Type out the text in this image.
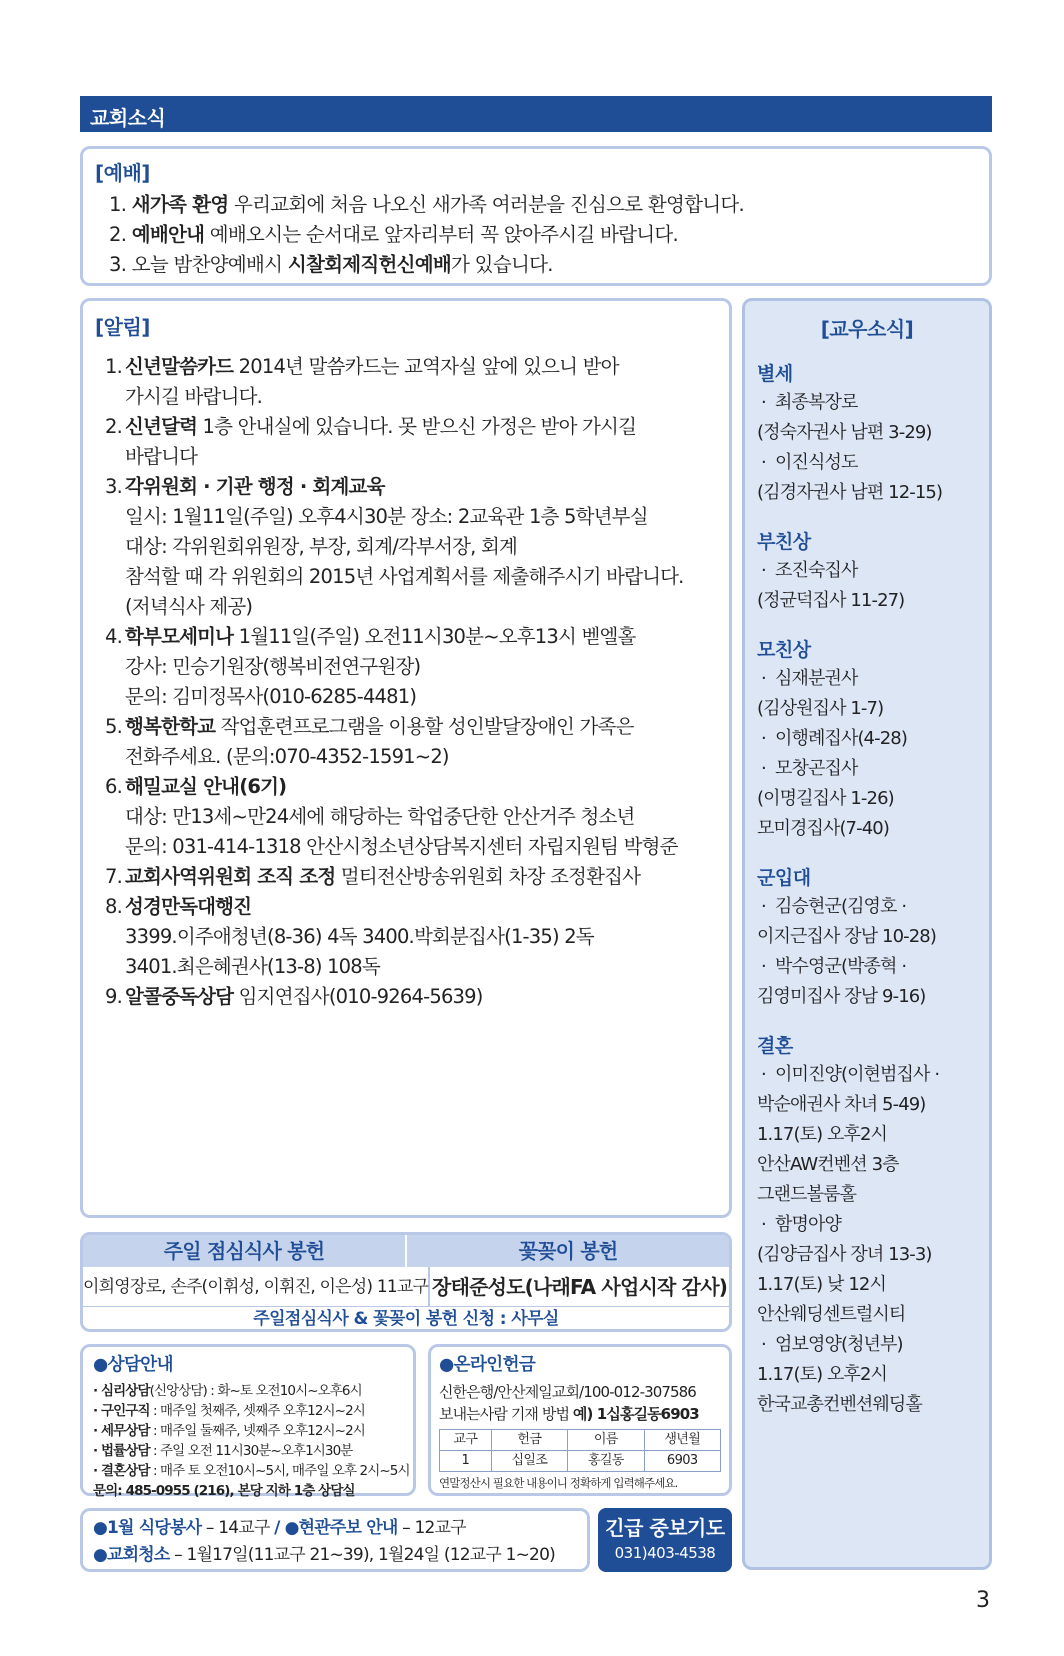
교회소식
[예배]
1. 새가족 환영 우리교회에 처음 나오신 새가족 여러분을 진심으로 환영합니다.
2. 예배안내 예배오시는 순서대로 앞자리부터 꼭 앉아주시길 바랍니다.
3. 오늘 밤찬양예배시 시찰회제직헌신예배가 있습니다.
[알림]
1. 신년말씀카드 2014년 말씀카드는 교역자실 앞에 있으니 받아
가시길 바랍니다.
2. 신년달력 1층 안내실에 있습니다. 못 받으신 가정은 받아 가시길
바랍니다
3. 각위원회 · 기관 행정 · 회계교육
일시: 1월11일(주일) 오후4시30분 장소: 2교육관 1층 5학년부실
대상: 각위원회위원장, 부장, 회계/각부서장, 회계
참석할 때 각 위원회의 2015년 사업계획서를 제출해주시기 바랍니다.
(저녁식사 제공)
4. 학부모세미나 1월11일(주일) 오전11시30분~오후13시 벧엘홀
강사: 민승기원장(행복비전연구원장)
문의: 김미정목사(010-6285-4481)
5. 행복한학교 작업훈련프로그램을 이용할 성인발달장애인 가족은
전화주세요. (문의:070-4352-1591~2)
6. 해밀교실 안내(6기)
대상: 만13세~만24세에 해당하는 학업중단한 안산거주 청소년
문의: 031-414-1318 안산시청소년상담복지센터 자립지원팀 박형준
7. 교회사역위원회 조직 조정 멀티전산방송위원회 차장 조정환집사
8. 성경만독대행진
3399.이주애청년(8-36) 4독 3400.박회분집사(1-35) 2독
3401.최은혜권사(13-8) 108독
9. 알콜중독상담 임지연집사(010-9264-5639)
[교우소식]
별세
· 최종복장로
(정숙자권사 남편 3-29)
· 이진식성도
(김경자권사 남편 12-15)
부친상
· 조진숙집사
(정균덕집사 11-27)
모친상
· 심재분권사
(김상원집사 1-7)
· 이행례집사(4-28)
· 모창곤집사
(이명길집사 1-26)
모미경집사(7-40)
군입대
· 김승현군(김영호 ·
이지근집사 장남 10-28)
· 박수영군(박종혁 ·
김영미집사 장남 9-16)
결혼
· 이미진양(이현범집사 ·
박순애권사 차녀 5-49)
1.17(토) 오후2시
안산AW컨벤션 3층
그랜드볼룸홀
· 함명아양
(김양금집사 장녀 13-3)
1.17(토) 낮 12시
안산웨딩센트럴시티
· 엄보영양(청년부)
1.17(토) 오후2시
한국교총컨벤션웨딩홀
주일 점심식사 봉헌	꽃꽂이 봉헌
이희영장로, 손주(이휘성, 이휘진, 이은성) 11교구 장태준성도(나래FA 사업시작 감사)
주일점심식사 & 꽃꽂이 봉헌 신청 : 사무실
●상담안내
· 심리상담(신앙상담) : 화~토 오전10시~오후6시
· 구인구직 : 매주일 첫째주, 셋째주 오후12시~2시
· 세무상담 : 매주일 둘째주, 넷째주 오후12시~2시
· 법률상담 : 주일 오전 11시30분~오후1시30분
· 결혼상담 : 매주 토 오전10시~5시, 매주일 오후 2시~5시
문의: 485-0955 (216), 본당 지하 1층 상담실
●온라인헌금
신한은행/안산제일교회/100-012-307586
보내는사람 기재 방법 예) 1십홍길동6903
교구	헌금	이름	생년월
1	십일조	홍길동	6903
연말정산시 필요한 내용이니 정확하게 입력해주세요.
●1월 식당봉사 – 14교구 / ●현관주보 안내 – 12교구
●교회청소 – 1월17일(11교구 21~39), 1월24일 (12교구 1~20)
긴급 중보기도
031)403-4538
3
